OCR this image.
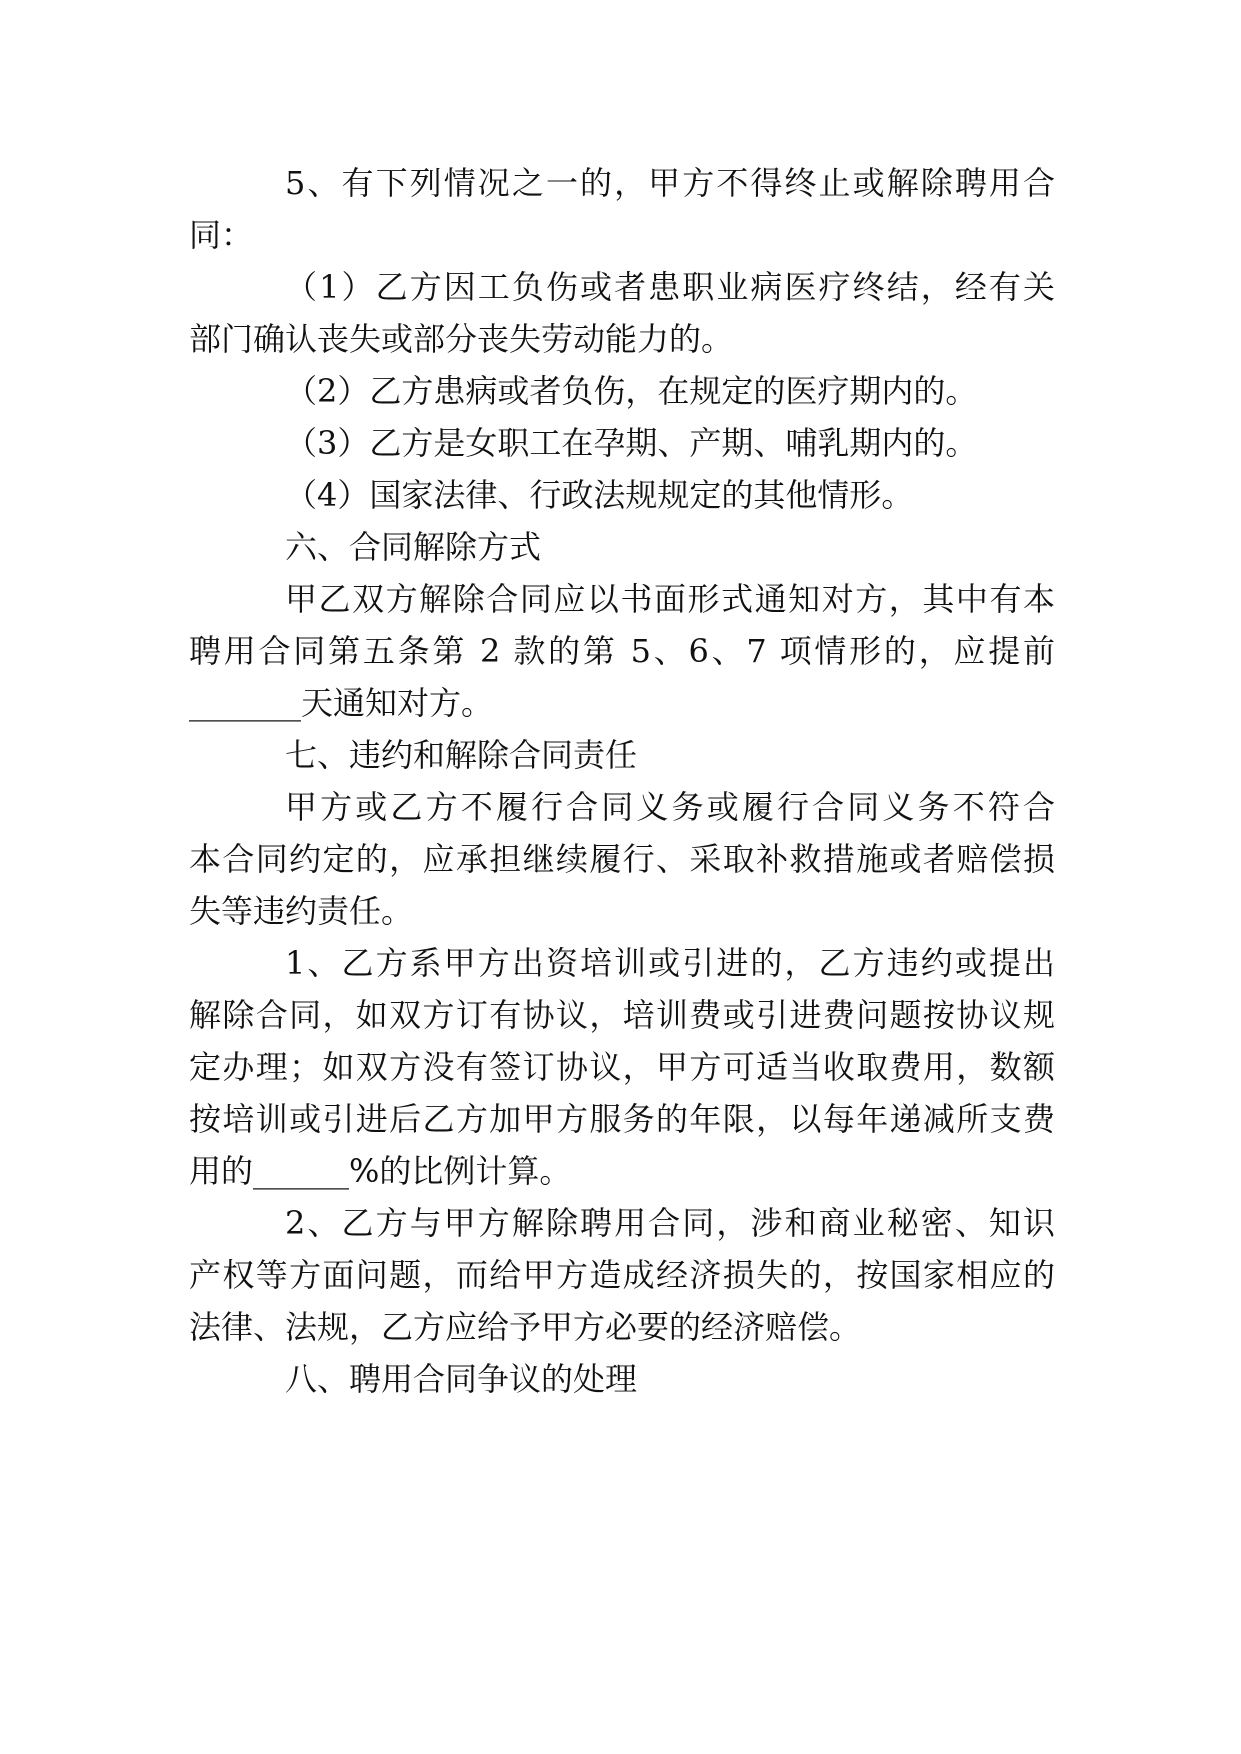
5、有下列情况之一的，甲方不得终止或解除聘用合
同：
（1）乙方因工负伤或者患职业病医疗终结，经有关
部门确认丧失或部分丧失劳动能力的。
（2）乙方患病或者负伤，在规定的医疗期内的。
（3）乙方是女职工在孕期、产期、哺乳期内的。
（4）国家法律、行政法规规定的其他情形。
六、合同解除方式
甲乙双方解除合同应以书面形式通知对方，其中有本
聘用合同第五条第 2 款的第 5、6、7 项情形的，应提前
_______天通知对方。
七、违约和解除合同责任
甲方或乙方不履行合同义务或履行合同义务不符合
本合同约定的，应承担继续履行、采取补救措施或者赔偿损
失等违约责任。
1、乙方系甲方出资培训或引进的，乙方违约或提出
解除合同，如双方订有协议，培训费或引进费问题按协议规
定办理；如双方没有签订协议，甲方可适当收取费用，数额
按培训或引进后乙方加甲方服务的年限，以每年递减所支费
用的______%的比例计算。
2、乙方与甲方解除聘用合同，涉和商业秘密、知识
产权等方面问题，而给甲方造成经济损失的，按国家相应的
法律、法规，乙方应给予甲方必要的经济赔偿。
八、聘用合同争议的处理
